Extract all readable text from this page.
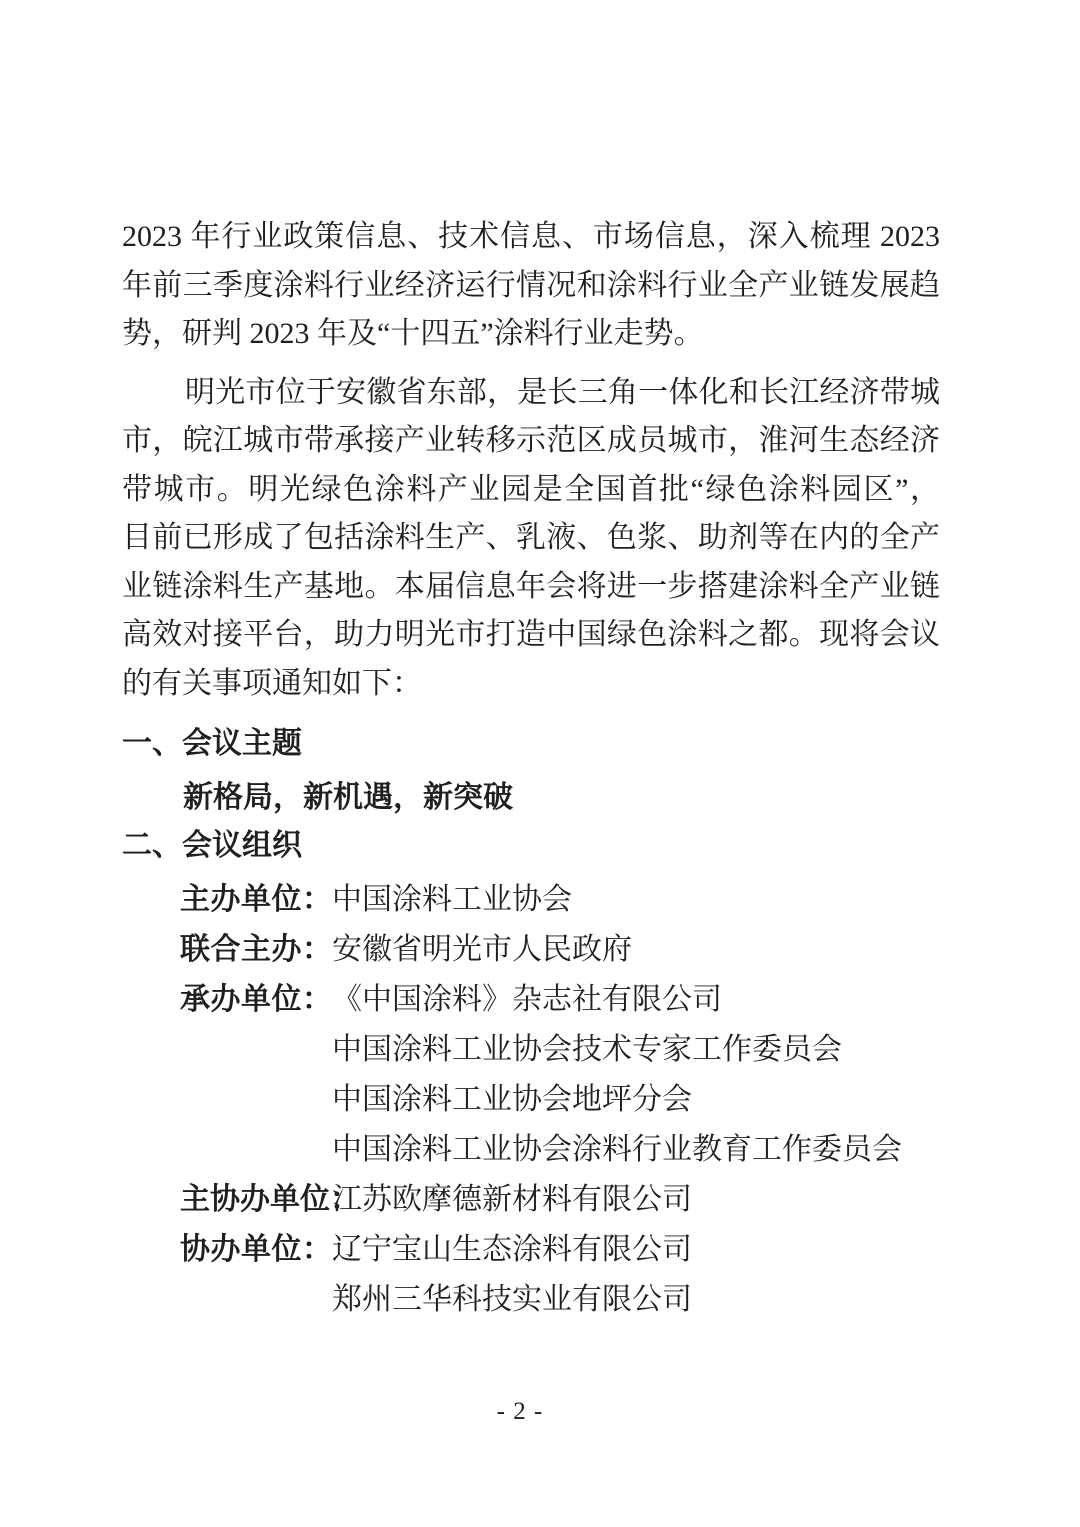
2023 年行业政策信息、技术信息、市场信息，深入梳理 2023
年前三季度涂料行业经济运行情况和涂料行业全产业链发展趋
势，研判 2023 年及“十四五”涂料行业走势。
明光市位于安徽省东部，是长三角一体化和长江经济带城
市，皖江城市带承接产业转移示范区成员城市，淮河生态经济
带城市。明光绿色涂料产业园是全国首批“绿色涂料园区”，
目前已形成了包括涂料生产、乳液、色浆、助剂等在内的全产
业链涂料生产基地。本届信息年会将进一步搭建涂料全产业链
高效对接平台，助力明光市打造中国绿色涂料之都。现将会议
的有关事项通知如下：
一、会议主题
新格局，新机遇，新突破
二、会议组织
主办单位：中国涂料工业协会
联合主办：安徽省明光市人民政府
承办单位：《中国涂料》杂志社有限公司
中国涂料工业协会技术专家工作委员会
中国涂料工业协会地坪分会
中国涂料工业协会涂料行业教育工作委员会
主协办单位：江苏欧摩德新材料有限公司
协办单位：辽宁宝山生态涂料有限公司
郑州三华科技实业有限公司
- 2 -
